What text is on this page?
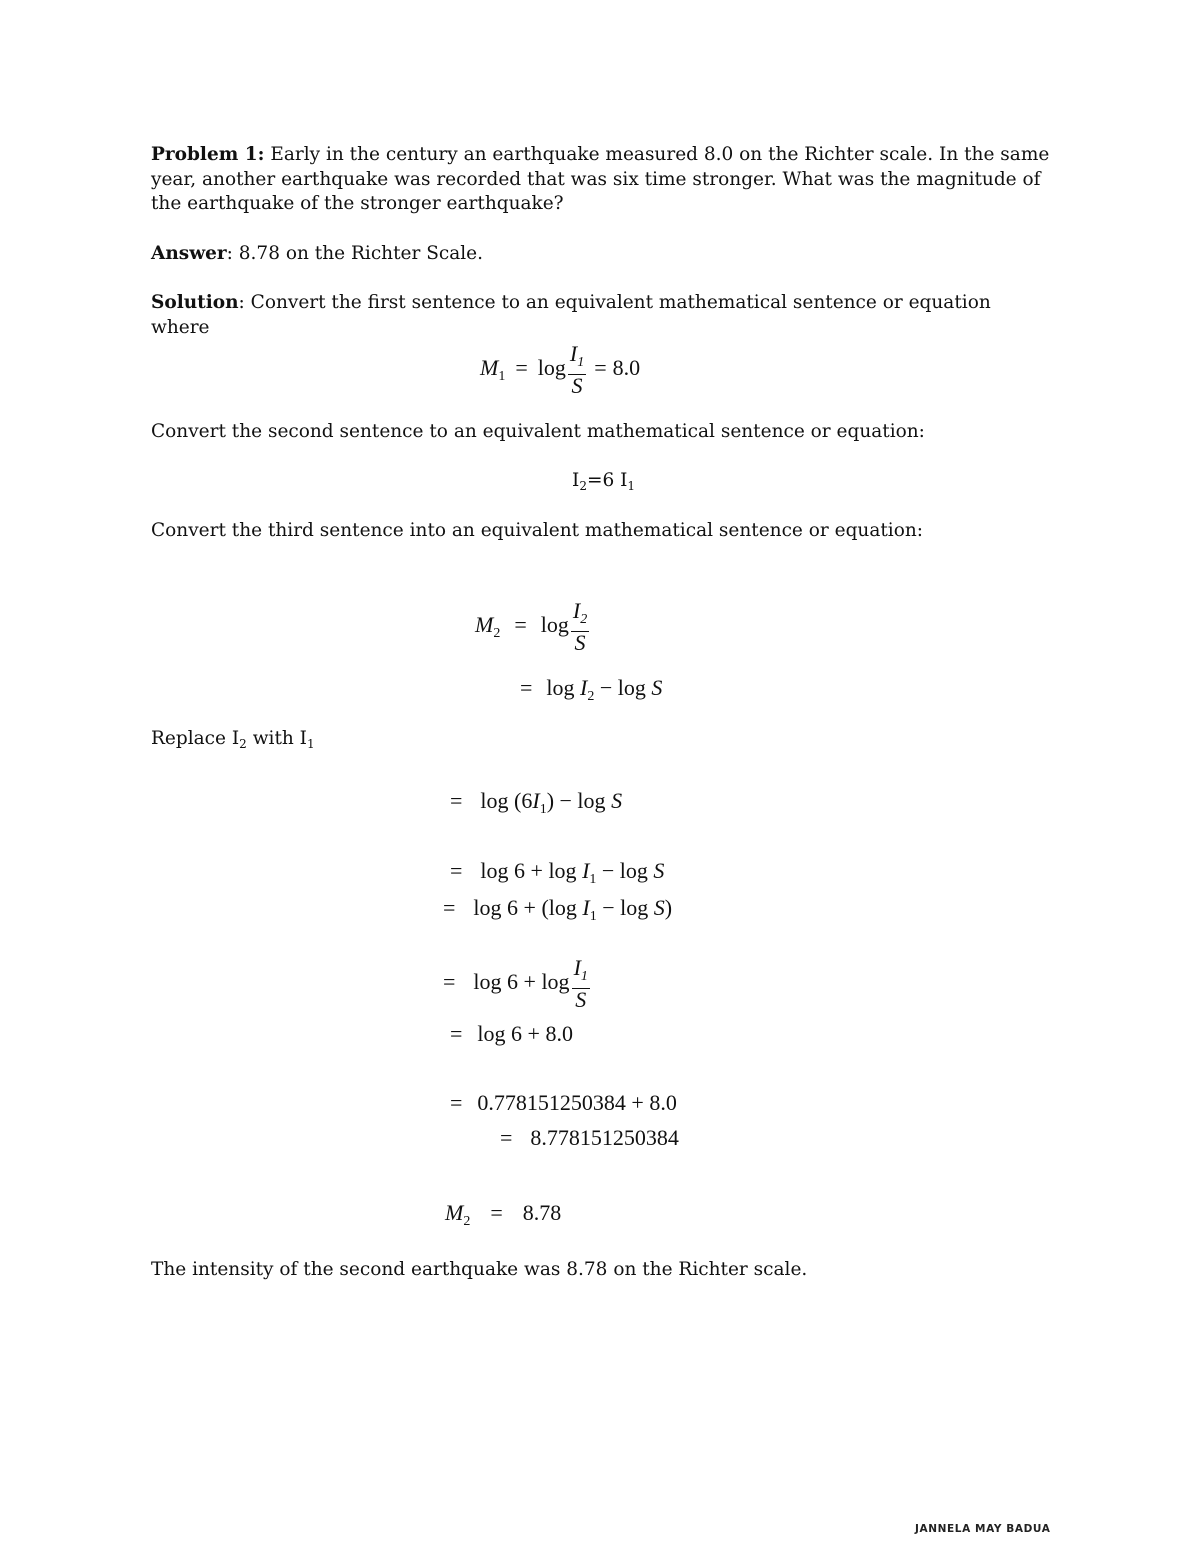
Problem 1: Early in the century an earthquake measured 8.0 on the Richter scale. In the same year, another earthquake was recorded that was six time stronger. What was the magnitude of the earthquake of the stronger earthquake?
Answer: 8.78 on the Richter Scale.
Solution: Convert the first sentence to an equivalent mathematical sentence or equation where
$M_1 = \log \frac{I_1}{S} = 8.0$
Convert the second sentence to an equivalent mathematical sentence or equation:
$I_2=6$ $I_1$
Convert the third sentence into an equivalent mathematical sentence or equation:
$M_2 = \log \frac{I_2}{S}$
= $\log I_2 - \log S$
Replace $I_2$ with $I_1$
= $\log (6I_1) - \log S$
= $\log 6 + \log I_1 - \log S$
= log 6 + (log $I_1 - \log S$)
= $\log 6 + \log \frac{I_1}{S}$
= log 6 + 8.0
= 0.778151250384 + 8.0
= 8.778151250384
$M_2 = 8.78$
The intensity of the second earthquake was 8.78 on the Richter scale.
JANNELA MAY BADUA
